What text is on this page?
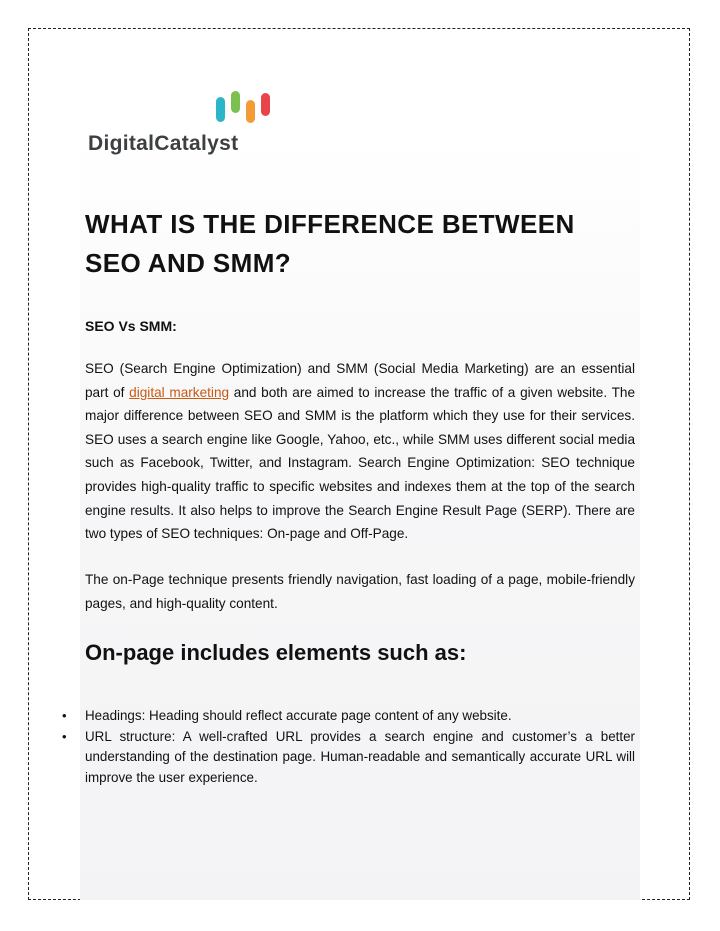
DigitalCatalyst
WHAT IS THE DIFFERENCE BETWEEN SEO AND SMM?
SEO Vs SMM:

SEO (Search Engine Optimization) and SMM (Social Media Marketing) are an essential part of digital marketing and both are aimed to increase the traffic of a given website. The major difference between SEO and SMM is the platform which they use for their services. SEO uses a search engine like Google, Yahoo, etc., while SMM uses different social media such as Facebook, Twitter, and Instagram. Search Engine Optimization: SEO technique provides high-quality traffic to specific websites and indexes them at the top of the search engine results. It also helps to improve the Search Engine Result Page (SERP). There are two types of SEO techniques: On-page and Off-Page.

The on-Page technique presents friendly navigation, fast loading of a page, mobile-friendly pages, and high-quality content.

On-page includes elements such as:
• Headings: Heading should reflect accurate page content of any website.
• URL structure: A well-crafted URL provides a search engine and customer’s a better understanding of the destination page. Human-readable and semantically accurate URL will improve the user experience.
